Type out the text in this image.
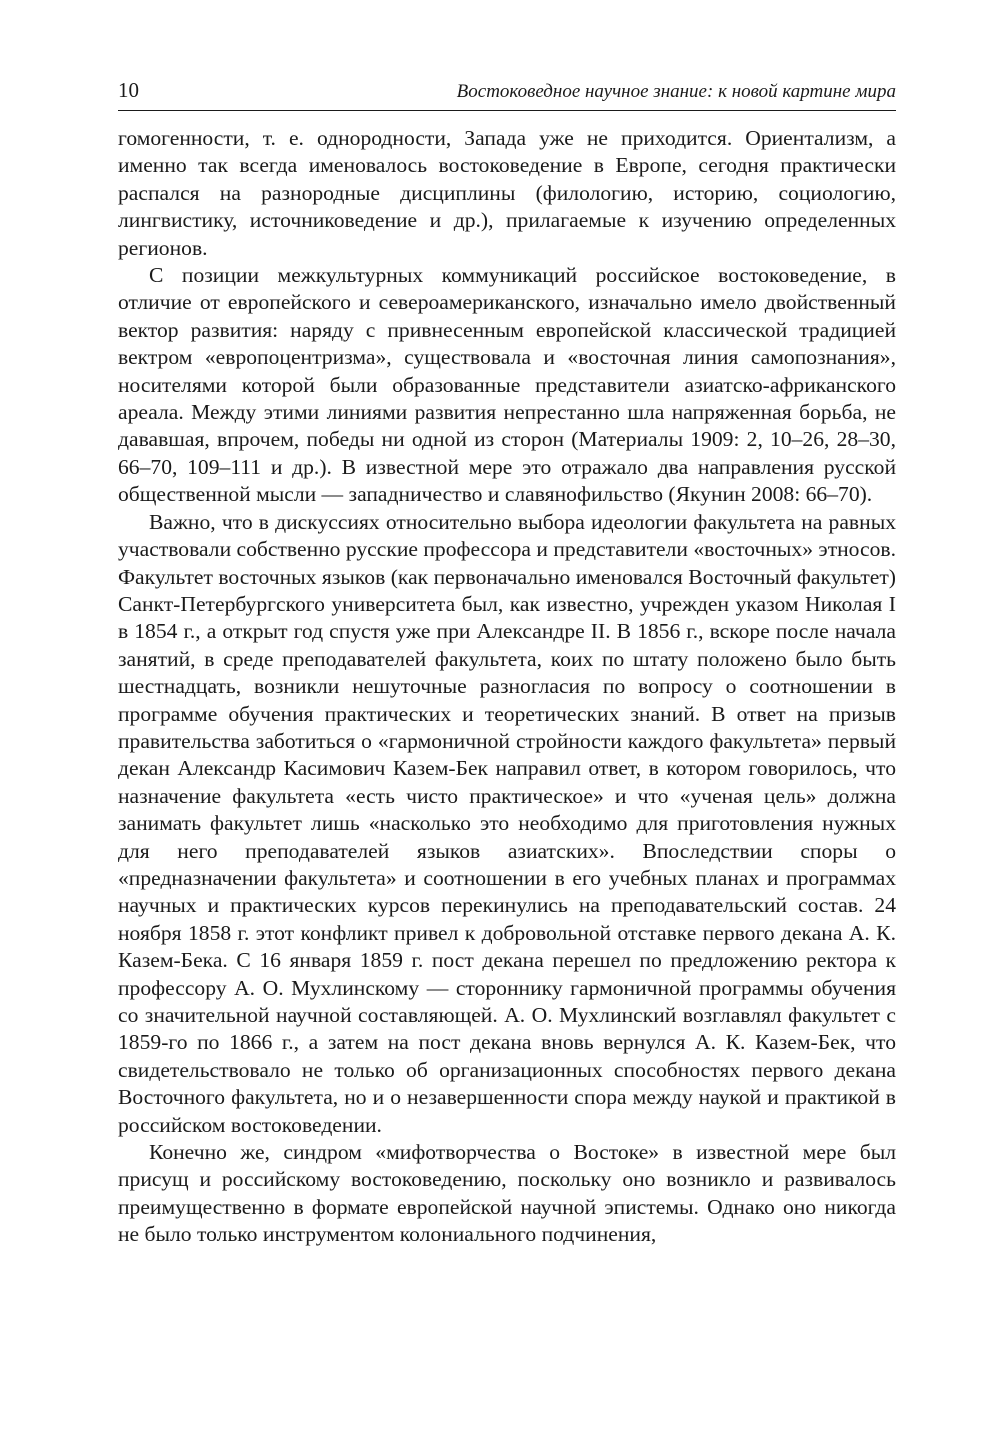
10	Востоковедное научное знание: к новой картине мира

гомогенности, т. е. однородности, Запада уже не приходится. Ориентализм, а именно так всегда именовалось востоковедение в Европе, сегодня практически распался на разнородные дисциплины (филологию, историю, социологию, лингвистику, источниковедение и др.), прилагаемые к изучению определенных регионов.

С позиции межкультурных коммуникаций российское востоковедение, в отличие от европейского и североамериканского, изначально имело двойственный вектор развития: наряду с привнесенным европейской классической традицией вектром «европоцентризма», существовала и «восточная линия самопознания», носителями которой были образованные представители азиатско-африканского ареала. Между этими линиями развития непрестанно шла напряженная борьба, не дававшая, впрочем, победы ни одной из сторон (Материалы 1909: 2, 10–26, 28–30, 66–70, 109–111 и др.). В известной мере это отражало два направления русской общественной мысли — западничество и славянофильство (Якунин 2008: 66–70).

Важно, что в дискуссиях относительно выбора идеологии факультета на равных участвовали собственно русские профессора и представители «восточных» этносов. Факультет восточных языков (как первоначально именовался Восточный факультет) Санкт-Петербургского университета был, как известно, учрежден указом Николая I в 1854 г., а открыт год спустя уже при Александре II. В 1856 г., вскоре после начала занятий, в среде преподавателей факультета, коих по штату положено было быть шестнадцать, возникли нешуточные разногласия по вопросу о соотношении в программе обучения практических и теоретических знаний. В ответ на призыв правительства заботиться о «гармоничной стройности каждого факультета» первый декан Александр Касимович Казем-Бек направил ответ, в котором говорилось, что назначение факультета «есть чисто практическое» и что «ученая цель» должна занимать факультет лишь «насколько это необходимо для приготовления нужных для него преподавателей языков азиатских». Впоследствии споры о «предназначении факультета» и соотношении в его учебных планах и программах научных и практических курсов перекинулись на преподавательский состав. 24 ноября 1858 г. этот конфликт привел к добровольной отставке первого декана А. К. Казем-Бека. С 16 января 1859 г. пост декана перешел по предложению ректора к профессору А. О. Мухлинскому — стороннику гармоничной программы обучения со значительной научной составляющей. А. О. Мухлинский возглавлял факультет с 1859-го по 1866 г., а затем на пост декана вновь вернулся А. К. Казем-Бек, что свидетельствовало не только об организационных способностях первого декана Восточного факультета, но и о незавершенности спора между наукой и практикой в российском востоковедении.

Конечно же, синдром «мифотворчества о Востоке» в известной мере был присущ и российскому востоковедению, поскольку оно возникло и развивалось преимущественно в формате европейской научной эпистемы. Однако оно никогда не было только инструментом колониального подчинения,
